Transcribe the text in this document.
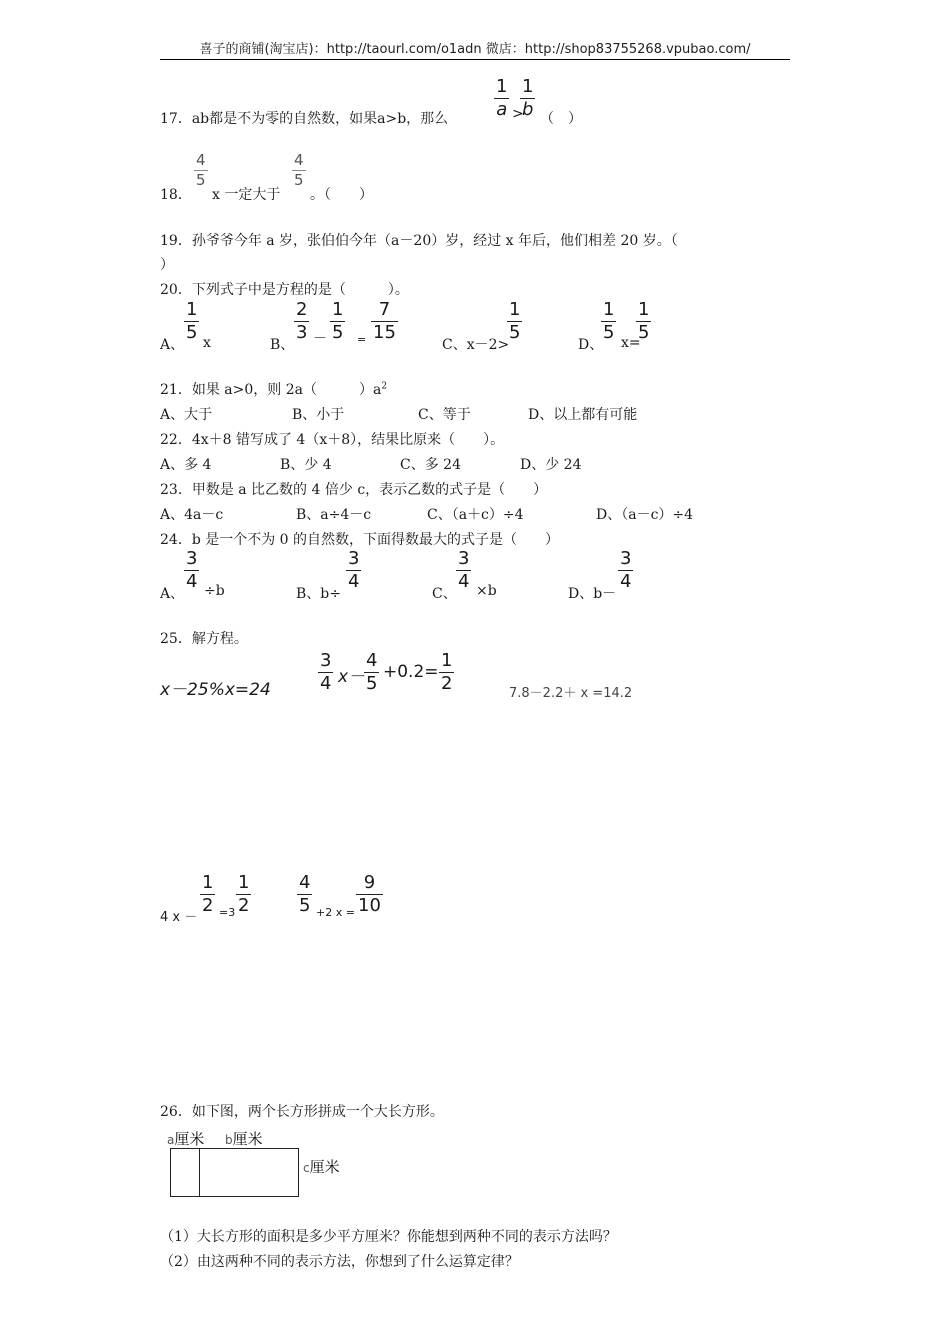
喜子的商铺(淘宝店)：http://taourl.com/o1adn 微店：http://shop83755268.vpubao.com/
17．ab都是不为零的自然数，如果a>b，那么
1
a >
1
b （　）
18．
4
5
x 一定大于
4
5
。（　　）
19．孙爷爷今年 a 岁，张伯伯今年（a－20）岁，经过 x 年后，他们相差 20 岁。（
）
20．下列式子中是方程的是（　　　）。
A、
1
5 x	B、
2
3 －
1
5 =
7
15
C、x－2>
1
5
D、
1
5 x=
1
5
21．如果 a>0，则 2a（　　　）$a^2$
A、大于	B、小于	C、等于	D、以上都有可能
22．4x＋8 错写成了 4（x＋8），结果比原来（　　）。
A、多 4	B、少 4	C、多 24	D、少 24
23．甲数是 a 比乙数的 4 倍少 c，表示乙数的式子是（　　）
A、4a－c	B、a÷4－c	C、（a＋c）÷4	D、（a－c）÷4
24．b 是一个不为 0 的自然数，下面得数最大的式子是（　　）
A、
3
4 ÷b	B、b÷
3
4
C、
3
4 ×b	D、b－
3
4
25．解方程。
x－25%x=24
3
4 x－
4
5
+0.2=
1
2	7.8－2.2＋ x =14.2
4 x －
1
2 =3
1
2
4
5 +2 x =
9
10
26．如下图，两个长方形拼成一个大长方形。
a厘米 b厘米
c厘米
（1）大长方形的面积是多少平方厘米？你能想到两种不同的表示方法吗？
（2）由这两种不同的表示方法，你想到了什么运算定律？
